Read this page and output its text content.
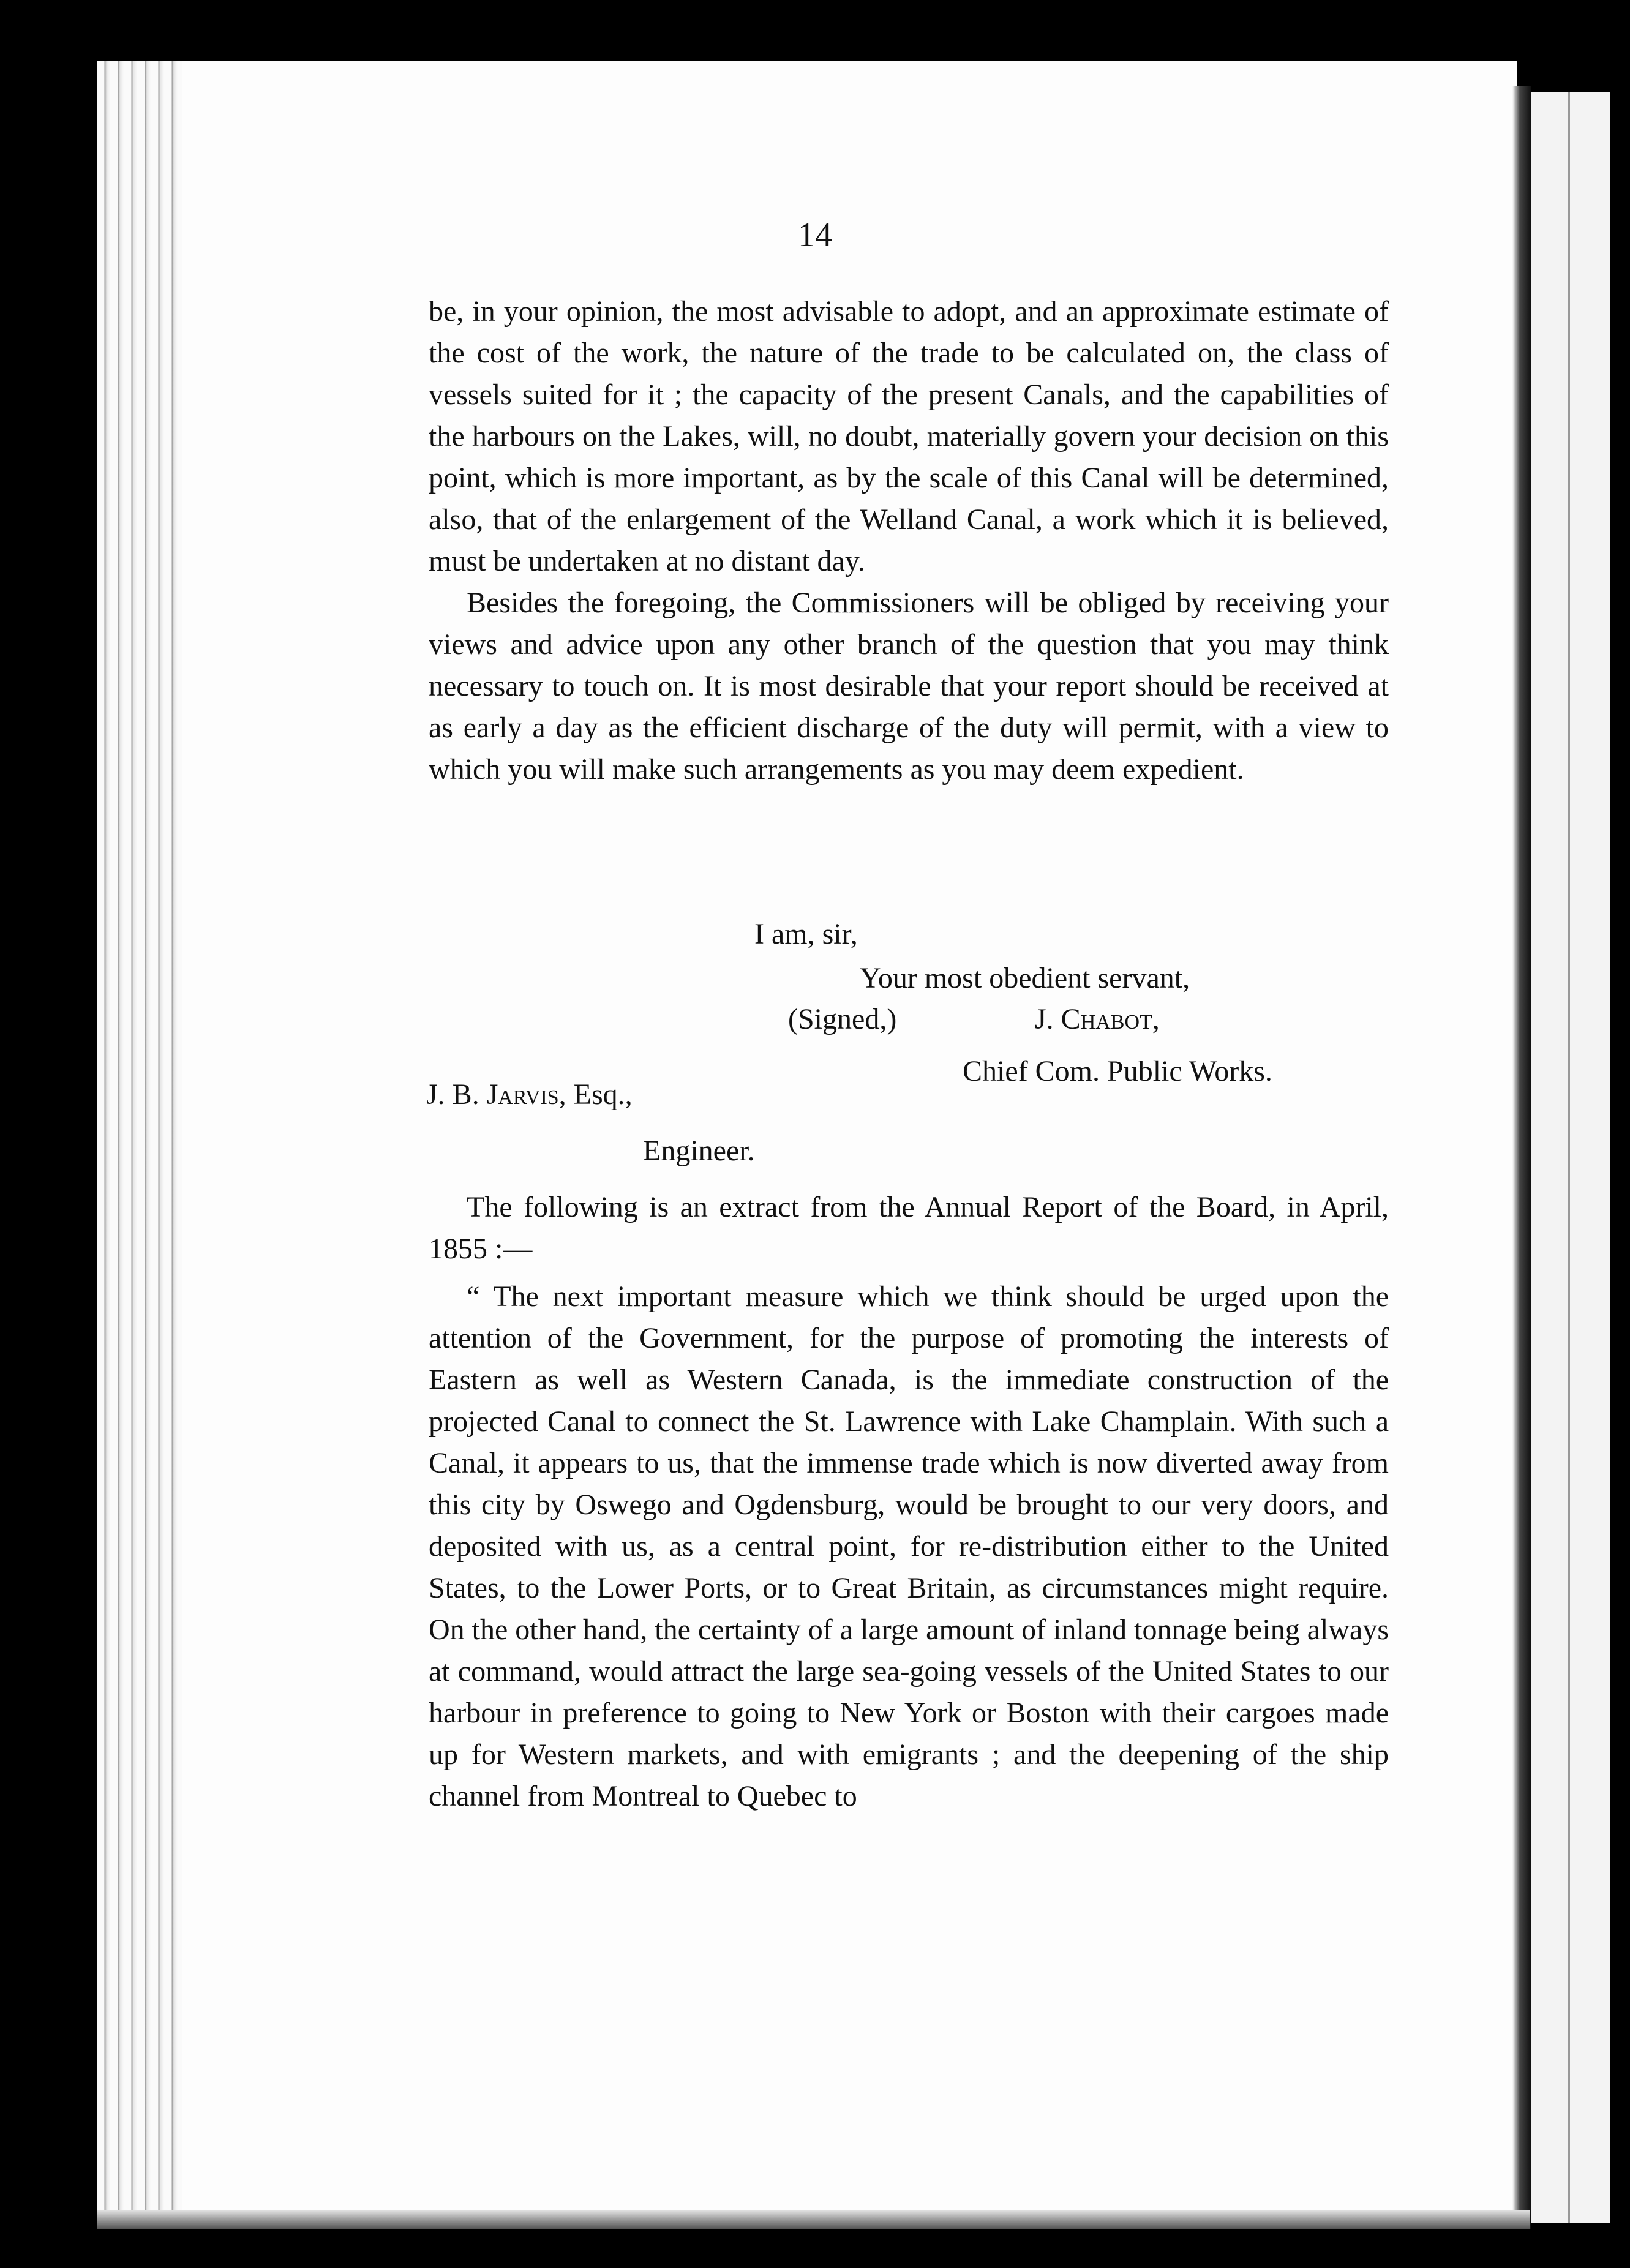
14

be, in your opinion, the most advisable to adopt, and an approximate estimate of the cost of the work, the nature of the trade to be calculated on, the class of vessels suited for it ; the capacity of the present Canals, and the capabilities of the harbours on the Lakes, will, no doubt, materially govern your decision on this point, which is more important, as by the scale of this Canal will be determined, also, that of the enlargement of the Welland Canal, a work which it is believed, must be undertaken at no distant day.

Besides the foregoing, the Commissioners will be obliged by receiving your views and advice upon any other branch of the question that you may think necessary to touch on. It is most desirable that your report should be received at as early a day as the efficient discharge of the duty will permit, with a view to which you will make such arrangements as you may deem expedient.

I am, sir,
Your most obedient servant,
(Signed,)	J. Chabot,
Chief Com. Public Works.
J. B. Jarvis, Esq.,
Engineer.

The following is an extract from the Annual Report of the Board, in April, 1855 :—

“ The next important measure which we think should be urged upon the attention of the Government, for the purpose of promoting the interests of Eastern as well as Western Canada, is the immediate construction of the projected Canal to connect the St. Lawrence with Lake Champlain. With such a Canal, it appears to us, that the immense trade which is now diverted away from this city by Oswego and Ogdensburg, would be brought to our very doors, and deposited with us, as a central point, for re-distribution either to the United States, to the Lower Ports, or to Great Britain, as circumstances might require. On the other hand, the certainty of a large amount of inland tonnage being always at command, would attract the large sea-going vessels of the United States to our harbour in preference to going to New York or Boston with their cargoes made up for Western markets, and with emigrants ; and the deepening of the ship channel from Montreal to Quebec to
